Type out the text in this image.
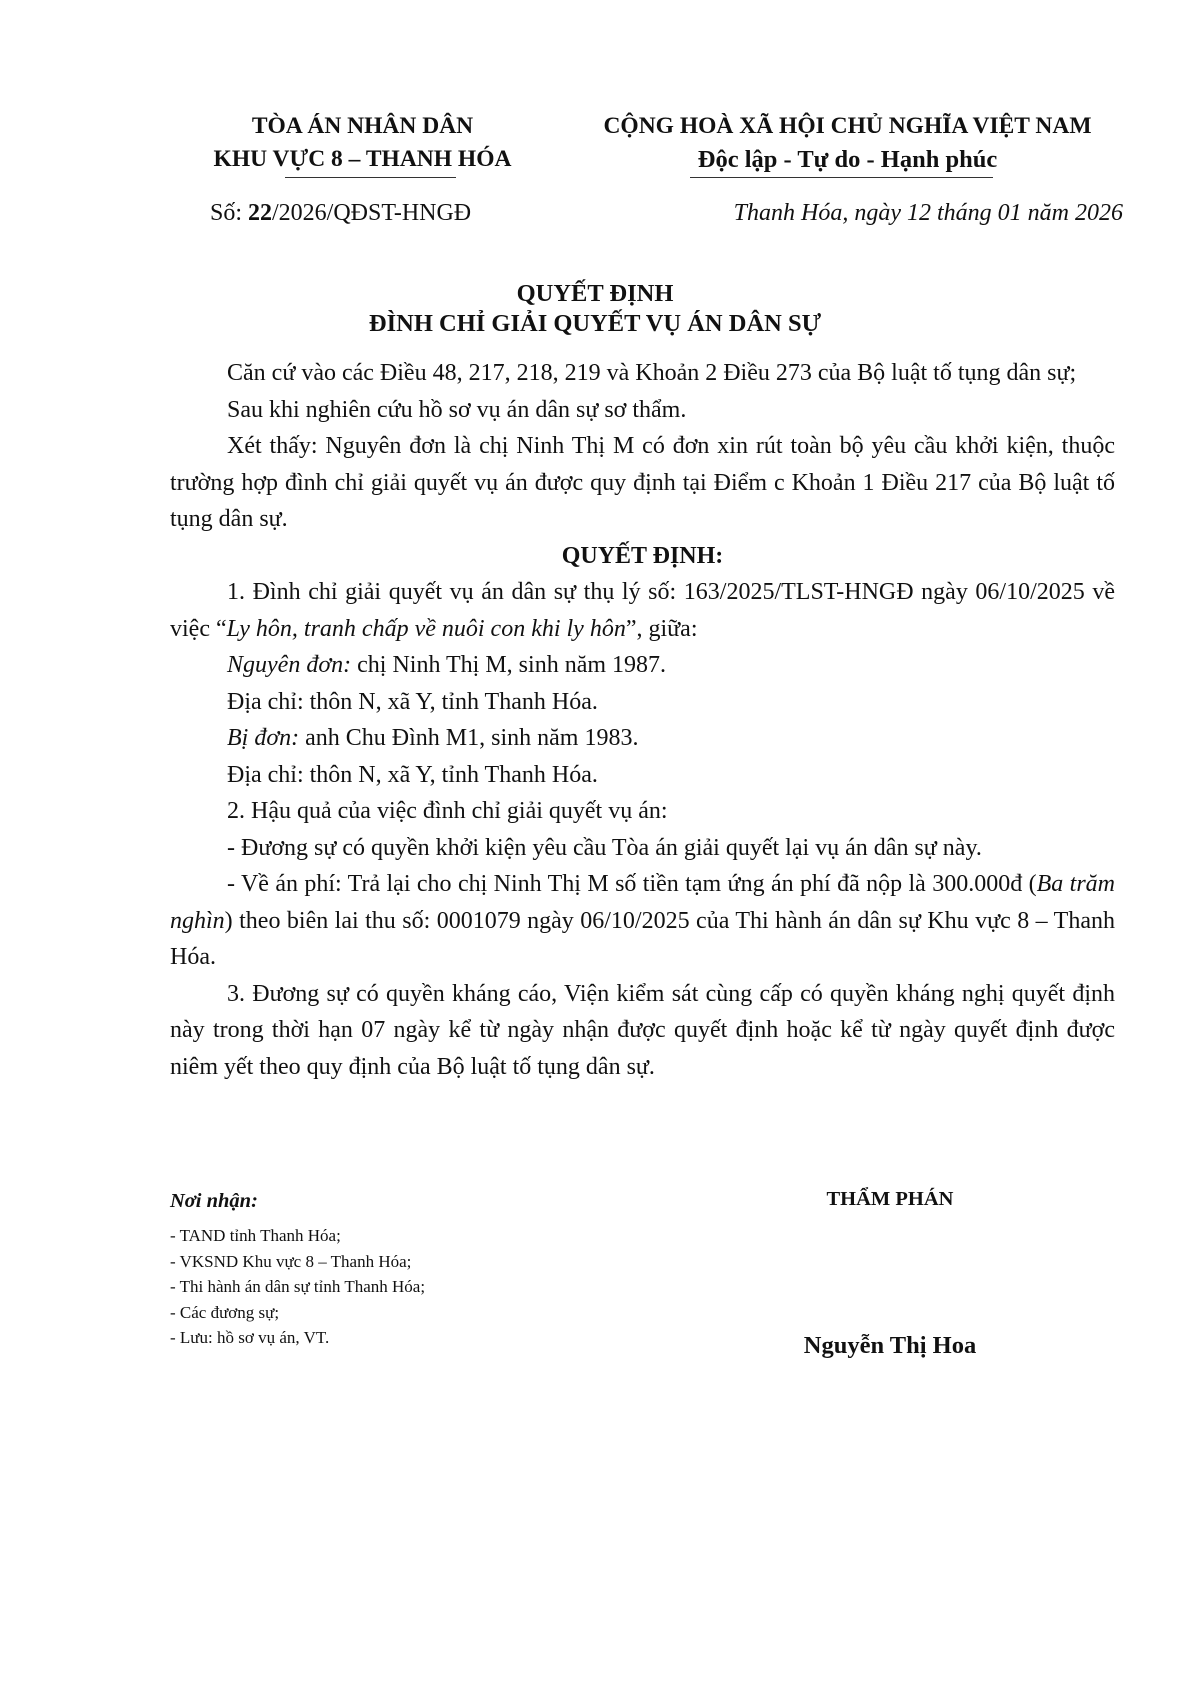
TÒA ÁN NHÂN DÂN
KHU VỰC 8 – THANH HÓA
CỘNG HOÀ XÃ HỘI CHỦ NGHĨA VIỆT NAM
Độc lập - Tự do - Hạnh phúc
Số: 22/2026/QĐST-HNGĐ	Thanh Hóa, ngày 12 tháng 01 năm 2026
QUYẾT ĐỊNH
ĐÌNH CHỈ GIẢI QUYẾT VỤ ÁN DÂN SỰ

Căn cứ vào các Điều 48, 217, 218, 219 và Khoản 2 Điều 273 của Bộ luật tố tụng dân sự;

Sau khi nghiên cứu hồ sơ vụ án dân sự sơ thẩm.

Xét thấy: Nguyên đơn là chị Ninh Thị M có đơn xin rút toàn bộ yêu cầu khởi kiện, thuộc trường hợp đình chỉ giải quyết vụ án được quy định tại Điểm c Khoản 1 Điều 217 của Bộ luật tố tụng dân sự.

QUYẾT ĐỊNH:

1. Đình chỉ giải quyết vụ án dân sự thụ lý số: 163/2025/TLST-HNGĐ ngày 06/10/2025 về việc “Ly hôn, tranh chấp về nuôi con khi ly hôn”, giữa:

Nguyên đơn: chị Ninh Thị M, sinh năm 1987.

Địa chỉ: thôn N, xã Y, tỉnh Thanh Hóa.

Bị đơn: anh Chu Đình M1, sinh năm 1983.

Địa chỉ: thôn N, xã Y, tỉnh Thanh Hóa.

2. Hậu quả của việc đình chỉ giải quyết vụ án:

- Đương sự có quyền khởi kiện yêu cầu Tòa án giải quyết lại vụ án dân sự này.

- Về án phí: Trả lại cho chị Ninh Thị M số tiền tạm ứng án phí đã nộp là 300.000đ (Ba trăm nghìn) theo biên lai thu số: 0001079 ngày 06/10/2025 của Thi hành án dân sự Khu vực 8 – Thanh Hóa.

3. Đương sự có quyền kháng cáo, Viện kiểm sát cùng cấp có quyền kháng nghị quyết định này trong thời hạn 07 ngày kể từ ngày nhận được quyết định hoặc kể từ ngày quyết định được niêm yết theo quy định của Bộ luật tố tụng dân sự.

Nơi nhận:
- TAND tỉnh Thanh Hóa;
- VKSND Khu vực 8 – Thanh Hóa;
- Thi hành án dân sự tỉnh Thanh Hóa;
- Các đương sự;
- Lưu: hồ sơ vụ án, VT.
THẨM PHÁN
Nguyễn Thị Hoa
